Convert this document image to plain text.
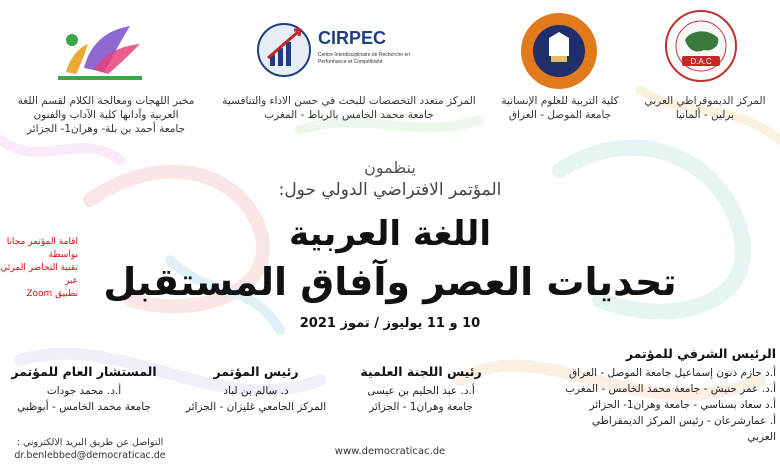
D.A.C
CIRPEC
Centre Interdisciplinaire de Recherche en
Performance et Compétitivité
المركز الديموقراطي العربي
برلين - ألمانيا
كلية التربية للعلوم الإنسانية
جامعة الموصل - العراق
المركز متعدد التخصصات للبحث في حسن الاداء والتنافسية
جامعة محمد الخامس بالرباط - المغرب
مخبر اللهجات ومعالجة الكلام لقسم اللغة
العربية وآدابها كلية الآداب والفنون
جامعة أحمد بن بلة- وهران1- الجزائر
ينظمون
المؤتمر الافتراضي الدولي حول:
اللغة العربية
تحديات العصر وآفاق المستقبل
10 و 11 يوليوز / تموز 2021
اقامة المؤتمر مجانا بواسطة
تقنية التحاضر المرئي عبر
تطبيق Zoom
الرئيس الشرفي للمؤتمر
أ.د حازم ذنون إسماعيل جامعة الموصل - العراق
أ.د. عمر حنيش - جامعة محمد الخامس - المغرب
أ.د سعاد بسناسي - جامعة وهران1- الجزائر
أ. عمارشرعان - رئيس المركز الديمقراطي العربي
رئيس اللجنة العلمية
أ.د. عبد الحليم بن عيسى
جامعة وهران1 - الجزائر
رئيس المؤتمر
د. سالم بن لباد
المركز الجامعي غليزان - الجزائر
المستشار العام للمؤتمر
أ.د. محمد جودات
جامعة محمد الخامس - أبوظبي
التواصل عن طريق البريد الالكتروني :
dr.benlebbed@democraticac.de	www.democraticac.de
